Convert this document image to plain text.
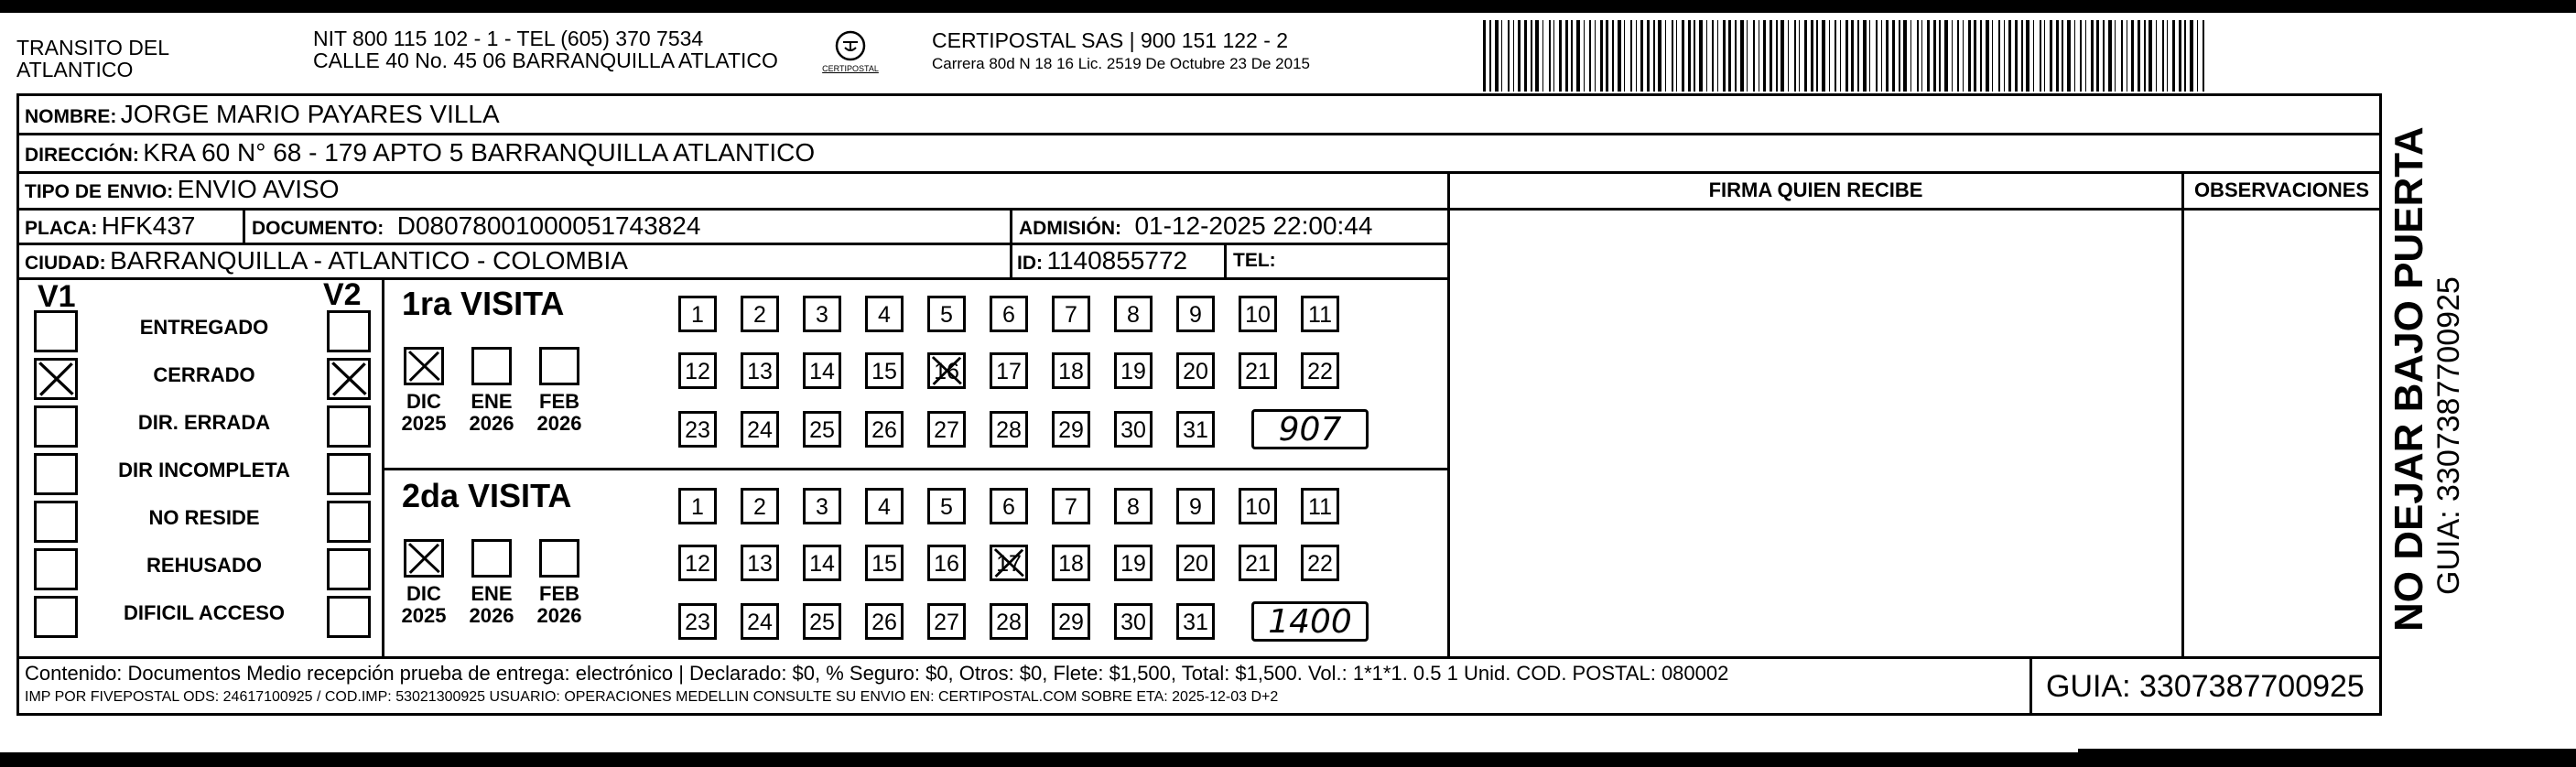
TRANSITO DEL
ATLANTICO
NIT 800 115 102 - 1 - TEL (605) 370 7534
CALLE 40 No. 45 06 BARRANQUILLA ATLATICO	CERTIPOSTAL
CERTIPOSTAL SAS | 900 151 122 - 2
Carrera 80d N 18 16 Lic. 2519 De Octubre 23 De 2015
NOMBRE: JORGE MARIO PAYARES VILLA
DIRECCIÓN: KRA 60 N° 68 - 179 APTO 5 BARRANQUILLA ATLANTICO
TIPO DE ENVIO: ENVIO AVISO
PLACA: HFK437	DOCUMENTO: D08078001000051743824	ADMISIÓN: 01-12-2025 22:00:44
CIUDAD: BARRANQUILLA - ATLANTICO - COLOMBIA	ID: 1140855772 TEL:
FIRMA QUIEN RECIBE	OBSERVACIONES
V1	V2
ENTREGADO
CERRADO
DIR. ERRADA
DIR INCOMPLETA
NO RESIDE
REHUSADO
DIFICIL ACCESO
1ra VISITA
DIC
2025
ENE
2026
FEB
2026
1	2	3	4	5	6	7	8	9	10	11
12 13 14 15 16 17 18 19 20 21 22
23 24 25 26 27 28 29 30 31	907
2da VISITA
DIC
2025
ENE
2026
FEB
2026
1	2	3	4	5	6	7	8	9	10	11
12 13 14 15 16 17 18 19 20 21 22
23 24 25 26 27 28 29 30 31	1400
Contenido: Documentos Medio recepción prueba de entrega: electrónico | Declarado: $0, % Seguro: $0, Otros: $0, Flete: $1,500, Total: $1,500. Vol.: 1*1*1. 0.5 1 Unid. COD. POSTAL: 080002
IMP POR FIVEPOSTAL ODS: 24617100925 / COD.IMP: 53021300925 USUARIO: OPERACIONES MEDELLIN CONSULTE SU ENVIO EN: CERTIPOSTAL.COM SOBRE ETA: 2025-12-03 D+2	GUIA: 3307387700925
NO DEJAR BAJO PUERTA GUIA: 3307387700925
